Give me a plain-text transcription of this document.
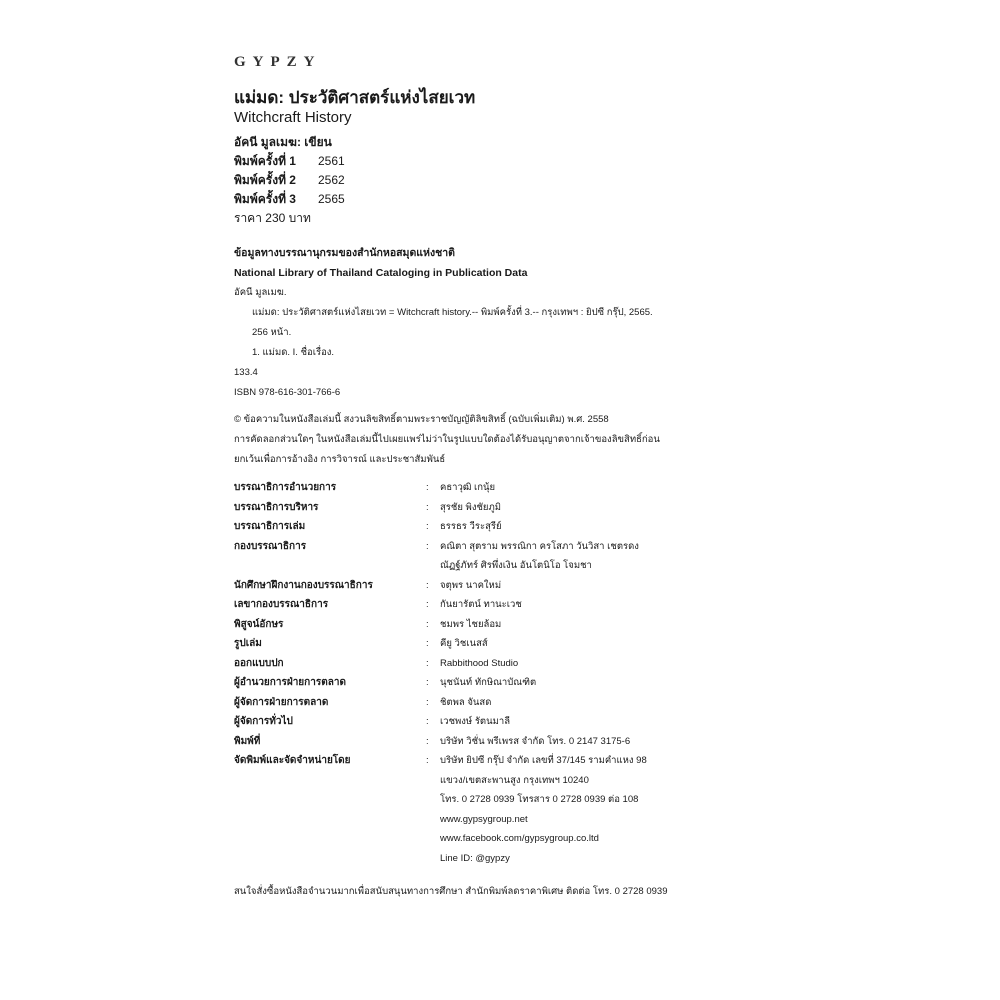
GYPZY
แม่มด: ประวัติศาสตร์แห่งไสยเวท
Witchcraft History
อัคนี มูลเมฆ: เขียน
พิมพ์ครั้งที่ 1	2561
พิมพ์ครั้งที่ 2	2562
พิมพ์ครั้งที่ 3	2565
ราคา 230 บาท
ข้อมูลทางบรรณานุกรมของสำนักหอสมุดแห่งชาติ
National Library of Thailand Cataloging in Publication Data
อัคนี มูลเมฆ.
แม่มด: ประวัติศาสตร์แห่งไสยเวท = Witchcraft history.-- พิมพ์ครั้งที่ 3.-- กรุงเทพฯ : ยิปซี กรุ๊ป, 2565.
256 หน้า.
1. แม่มด. I. ชื่อเรื่อง.
133.4
ISBN 978-616-301-766-6
© ข้อความในหนังสือเล่มนี้ สงวนลิขสิทธิ์ตามพระราชบัญญัติลิขสิทธิ์ (ฉบับเพิ่มเติม) พ.ศ. 2558
การคัดลอกส่วนใดๆ ในหนังสือเล่มนี้ไปเผยแพร่ไม่ว่าในรูปแบบใดต้องได้รับอนุญาตจากเจ้าของลิขสิทธิ์ก่อน
ยกเว้นเพื่อการอ้างอิง การวิจารณ์ และประชาสัมพันธ์
บรรณาธิการอำนวยการ	:	คธาวุฒิ เกนุ้ย
บรรณาธิการบริหาร	:	สุรชัย พิงชัยภูมิ
บรรณาธิการเล่ม	:	ธรรธร วีระสุรีย์
กองบรรณาธิการ	:	คณิตา สุตราม พรรณิกา ครโสภา วันวิสา เชตรดง
ณัฏฐ์ภัทร์ ศิรพึ่งเงิน อันโตนิโอ โจมชา
นักศึกษาฝึกงานกองบรรณาธิการ	:	จตุพร นาคใหม่
เลขากองบรรณาธิการ	:	กันยารัตน์ ทานะเวช
พิสูจน์อักษร	:	ชมพร ไชยล้อม
รูปเล่ม	:	คียู วิชเนสส์
ออกแบบปก	:	Rabbithood Studio
ผู้อำนวยการฝ่ายการตลาด	:	นุชนันท์ ทักษิณาบัณฑิต
ผู้จัดการฝ่ายการตลาด	:	ชิตพล จันสด
ผู้จัดการทั่วไป	:	เวชพงษ์ รัตนมาลี
พิมพ์ที่	:	บริษัท วิชั่น พรีเพรส จำกัด โทร. 0 2147 3175-6
จัดพิมพ์และจัดจำหน่ายโดย	:	บริษัท ยิปซี กรุ๊ป จำกัด เลขที่ 37/145 รามคำแหง 98
แขวง/เขตสะพานสูง กรุงเทพฯ 10240
โทร. 0 2728 0939 โทรสาร 0 2728 0939 ต่อ 108
www.gypsygroup.net
www.facebook.com/gypsygroup.co.ltd
Line ID: @gypzy
สนใจสั่งซื้อหนังสือจำนวนมากเพื่อสนับสนุนทางการศึกษา สำนักพิมพ์ลดราคาพิเศษ ติดต่อ โทร. 0 2728 0939
